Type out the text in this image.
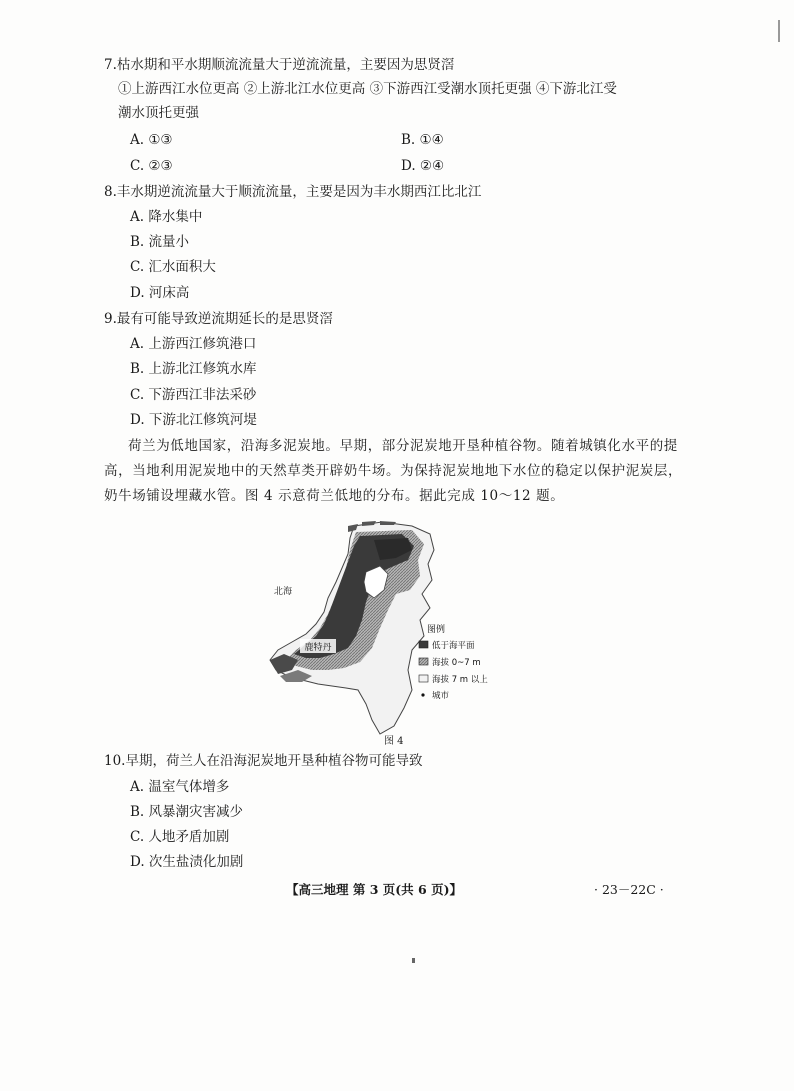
7.枯水期和平水期顺流流量大于逆流流量，主要因为思贤滘
①上游西江水位更高 ②上游北江水位更高 ③下游西江受潮水顶托更强 ④下游北江受
潮水顶托更强
A. ①③	B. ①④
C. ②③	D. ②④
8.丰水期逆流流量大于顺流流量，主要是因为丰水期西江比北江
A. 降水集中
B. 流量小
C. 汇水面积大
D. 河床高
9.最有可能导致逆流期延长的是思贤滘
A. 上游西江修筑港口
B. 上游北江修筑水库
C. 下游西江非法采砂
D. 下游北江修筑河堤
荷兰为低地国家，沿海多泥炭地。早期，部分泥炭地开垦种植谷物。随着城镇化水平的提
高，当地利用泥炭地中的天然草类开辟奶牛场。为保持泥炭地地下水位的稳定以保护泥炭层，
奶牛场铺设埋藏水管。图 4 示意荷兰低地的分布。据此完成 10～12 题。
鹿特丹
北海
图例
低于海平面
海拔 0~7 m
海拔 7 m 以上
城市
图 4
10.早期，荷兰人在沿海泥炭地开垦种植谷物可能导致
A. 温室气体增多
B. 风暴潮灾害减少
C. 人地矛盾加剧
D. 次生盐渍化加剧
【高三地理 第 3 页(共 6 页)】	· 23－22C ·
